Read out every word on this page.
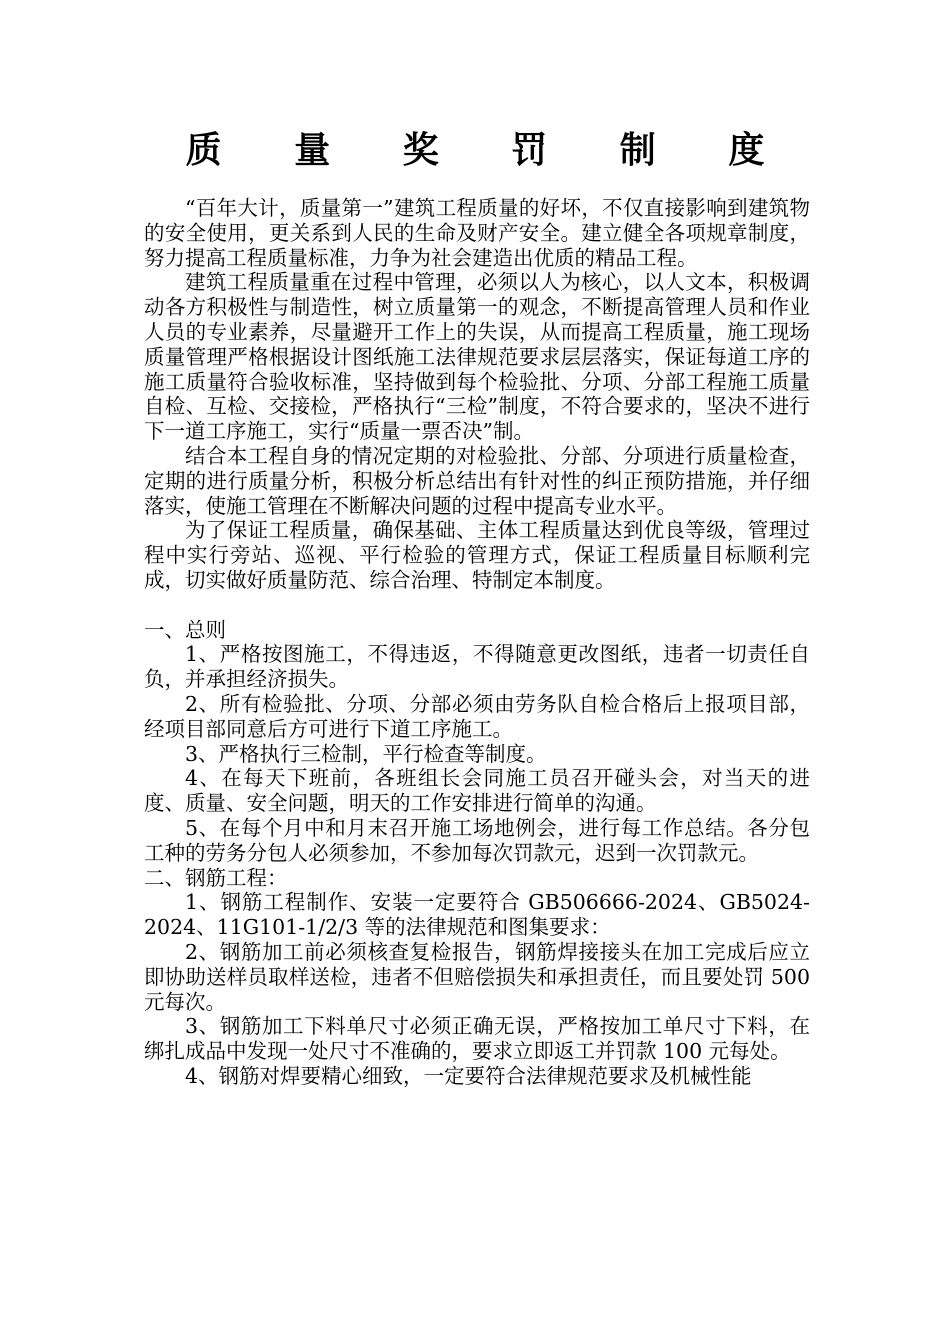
质 量 奖 罚 制 度

“百年大计，质量第一”建筑工程质量的好坏，不仅直接影响到建筑物的安全使用，更关系到人民的生命及财产安全。建立健全各项规章制度，努力提高工程质量标准，力争为社会建造出优质的精品工程。

建筑工程质量重在过程中管理，必须以人为核心，以人文本，积极调动各方积极性与制造性，树立质量第一的观念，不断提高管理人员和作业人员的专业素养，尽量避开工作上的失误，从而提高工程质量，施工现场质量管理严格根据设计图纸施工法律规范要求层层落实，保证每道工序的施工质量符合验收标准，坚持做到每个检验批、分项、分部工程施工质量自检、互检、交接检，严格执行“三检”制度，不符合要求的，坚决不进行下一道工序施工，实行“质量一票否决”制。

结合本工程自身的情况定期的对检验批、分部、分项进行质量检查，定期的进行质量分析，积极分析总结出有针对性的纠正预防措施，并仔细落实，使施工管理在不断解决问题的过程中提高专业水平。

为了保证工程质量，确保基础、主体工程质量达到优良等级，管理过程中实行旁站、巡视、平行检验的管理方式，保证工程质量目标顺利完成，切实做好质量防范、综合治理、特制定本制度。

一、总则

1、严格按图施工，不得违返，不得随意更改图纸，违者一切责任自负，并承担经济损失。

2、所有检验批、分项、分部必须由劳务队自检合格后上报项目部，经项目部同意后方可进行下道工序施工。

3、严格执行三检制，平行检查等制度。

4、在每天下班前，各班组长会同施工员召开碰头会，对当天的进度、质量、安全问题，明天的工作安排进行简单的沟通。

5、在每个月中和月末召开施工场地例会，进行每工作总结。各分包工种的劳务分包人必须参加，不参加每次罚款元，迟到一次罚款元。

二、钢筋工程：

1、钢筋工程制作、安装一定要符合 GB506666-2024、GB5024-2024、11G101-1/2/3 等的法律规范和图集要求：

2、钢筋加工前必须核查复检报告，钢筋焊接接头在加工完成后应立即协助送样员取样送检，违者不但赔偿损失和承担责任，而且要处罚 500 元每次。

3、钢筋加工下料单尺寸必须正确无误，严格按加工单尺寸下料，在绑扎成品中发现一处尺寸不准确的，要求立即返工并罚款 100 元每处。

4、钢筋对焊要精心细致，一定要符合法律规范要求及机械性能
